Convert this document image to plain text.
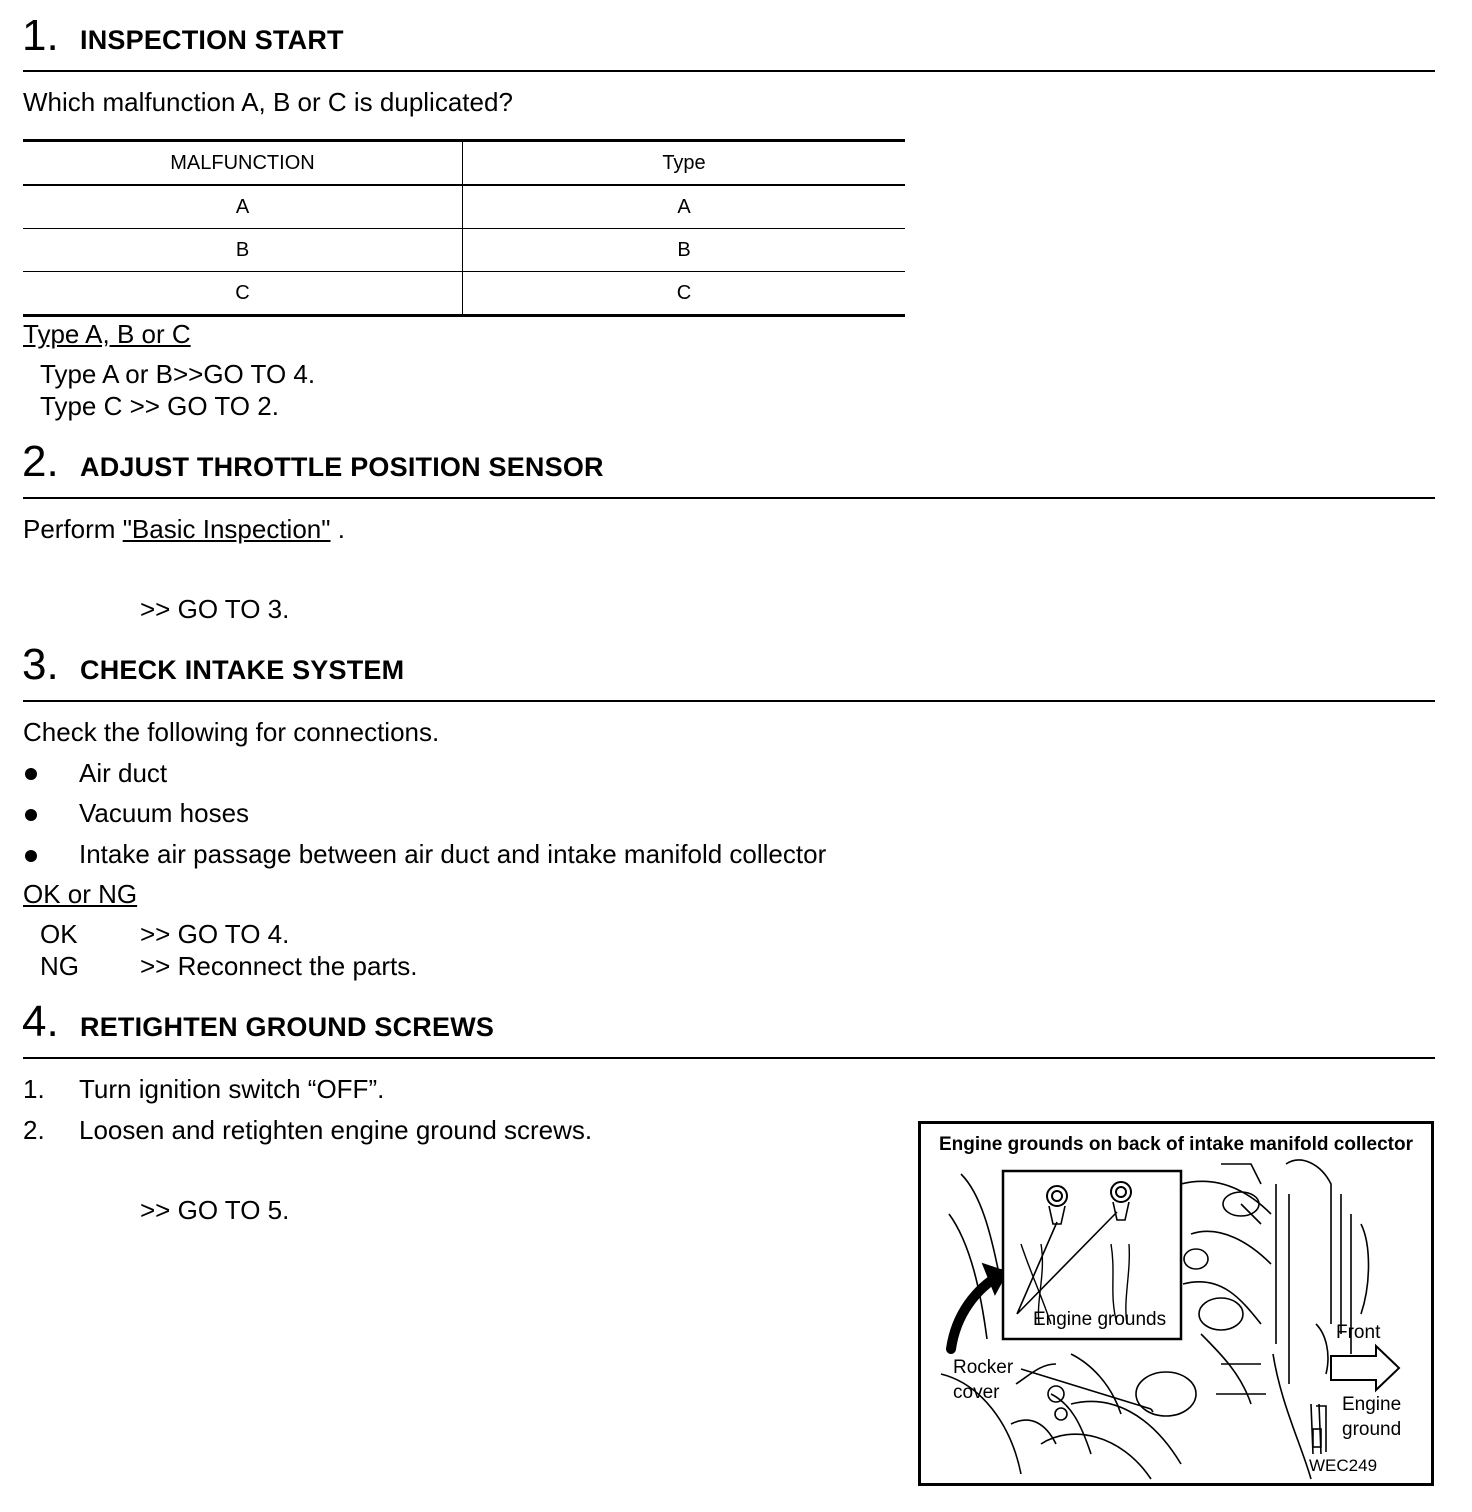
1. INSPECTION START
Which malfunction A, B or C is duplicated?
MALFUNCTION	Type
A	A
B	B
C	C
Type A, B or C
Type A or B>>GO TO 4.
Type C >> GO TO 2.
2. ADJUST THROTTLE POSITION SENSOR
Perform "Basic Inspection" .
>> GO TO 3.
3. CHECK INTAKE SYSTEM
Check the following for connections.
Air duct
Vacuum hoses
Intake air passage between air duct and intake manifold collector
OK or NG
OK >> GO TO 4.
NG >> Reconnect the parts.
4. RETIGHTEN GROUND SCREWS
1. Turn ignition switch “OFF”.
2. Loosen and retighten engine ground screws.
>> GO TO 5.
Engine grounds on back of intake manifold collector
Engine grounds
Front
Rocker
cover
Engine
ground
WEC249
